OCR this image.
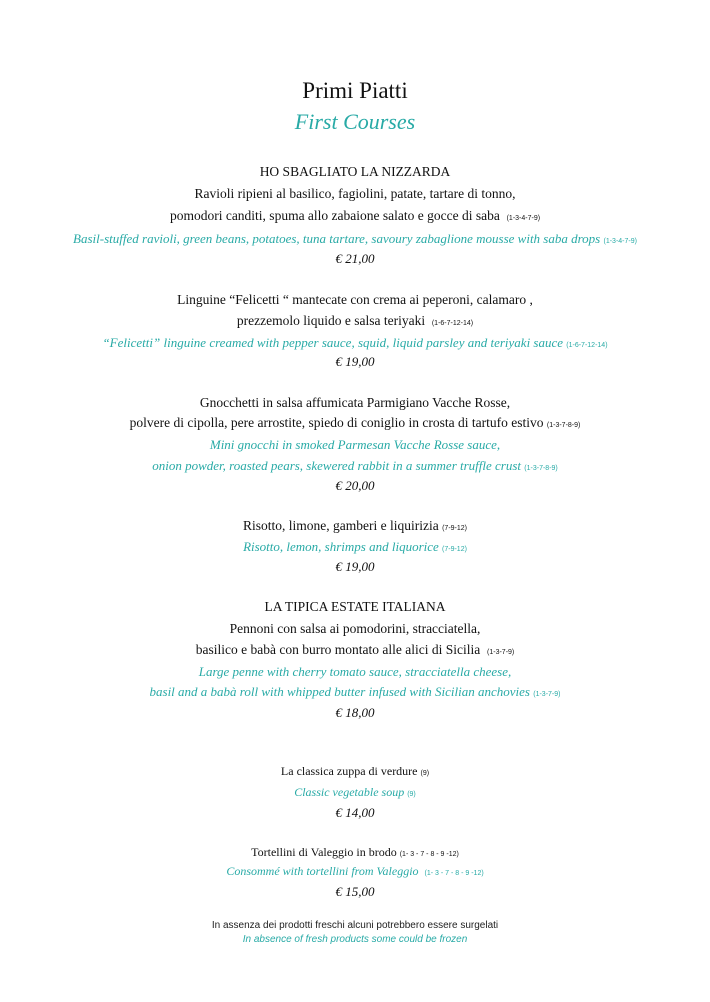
Primi Piatti
First Courses
HO SBAGLIATO LA NIZZARDA
Ravioli ripieni al basilico, fagiolini, patate, tartare di tonno,
pomodori canditi, spuma allo zabaione salato e gocce di saba (1-3-4-7-9)
Basil-stuffed ravioli, green beans, potatoes, tuna tartare, savoury zabaglione mousse with saba drops (1-3-4-7-9)
€ 21,00
Linguine “Felicetti “ mantecate con crema ai peperoni, calamaro ,
prezzemolo liquido e salsa teriyaki (1-6-7-12-14)
“Felicetti” linguine creamed with pepper sauce, squid, liquid parsley and teriyaki sauce (1-6-7-12-14)
€ 19,00
Gnocchetti in salsa affumicata Parmigiano Vacche Rosse,
polvere di cipolla, pere arrostite, spiedo di coniglio in crosta di tartufo estivo (1-3-7-8-9)
Mini gnocchi in smoked Parmesan Vacche Rosse sauce,
onion powder, roasted pears, skewered rabbit in a summer truffle crust (1-3-7-8-9)
€ 20,00
Risotto, limone, gamberi e liquirizia (7-9-12)
Risotto, lemon, shrimps and liquorice (7-9-12)
€ 19,00
LA TIPICA ESTATE ITALIANA
Pennoni con salsa ai pomodorini, stracciatella,
basilico e babà con burro montato alle alici di Sicilia (1-3-7-9)
Large penne with cherry tomato sauce, stracciatella cheese,
basil and a babà roll with whipped butter infused with Sicilian anchovies (1-3-7-9)
€ 18,00
La classica zuppa di verdure (9)
Classic vegetable soup (9)
€ 14,00
Tortellini di Valeggio in brodo (1- 3 - 7 - 8 - 9 -12)
Consommé with tortellini from Valeggio (1- 3 - 7 - 8 - 9 -12)
€ 15,00
In assenza dei prodotti freschi alcuni potrebbero essere surgelati
In absence of fresh products some could be frozen
